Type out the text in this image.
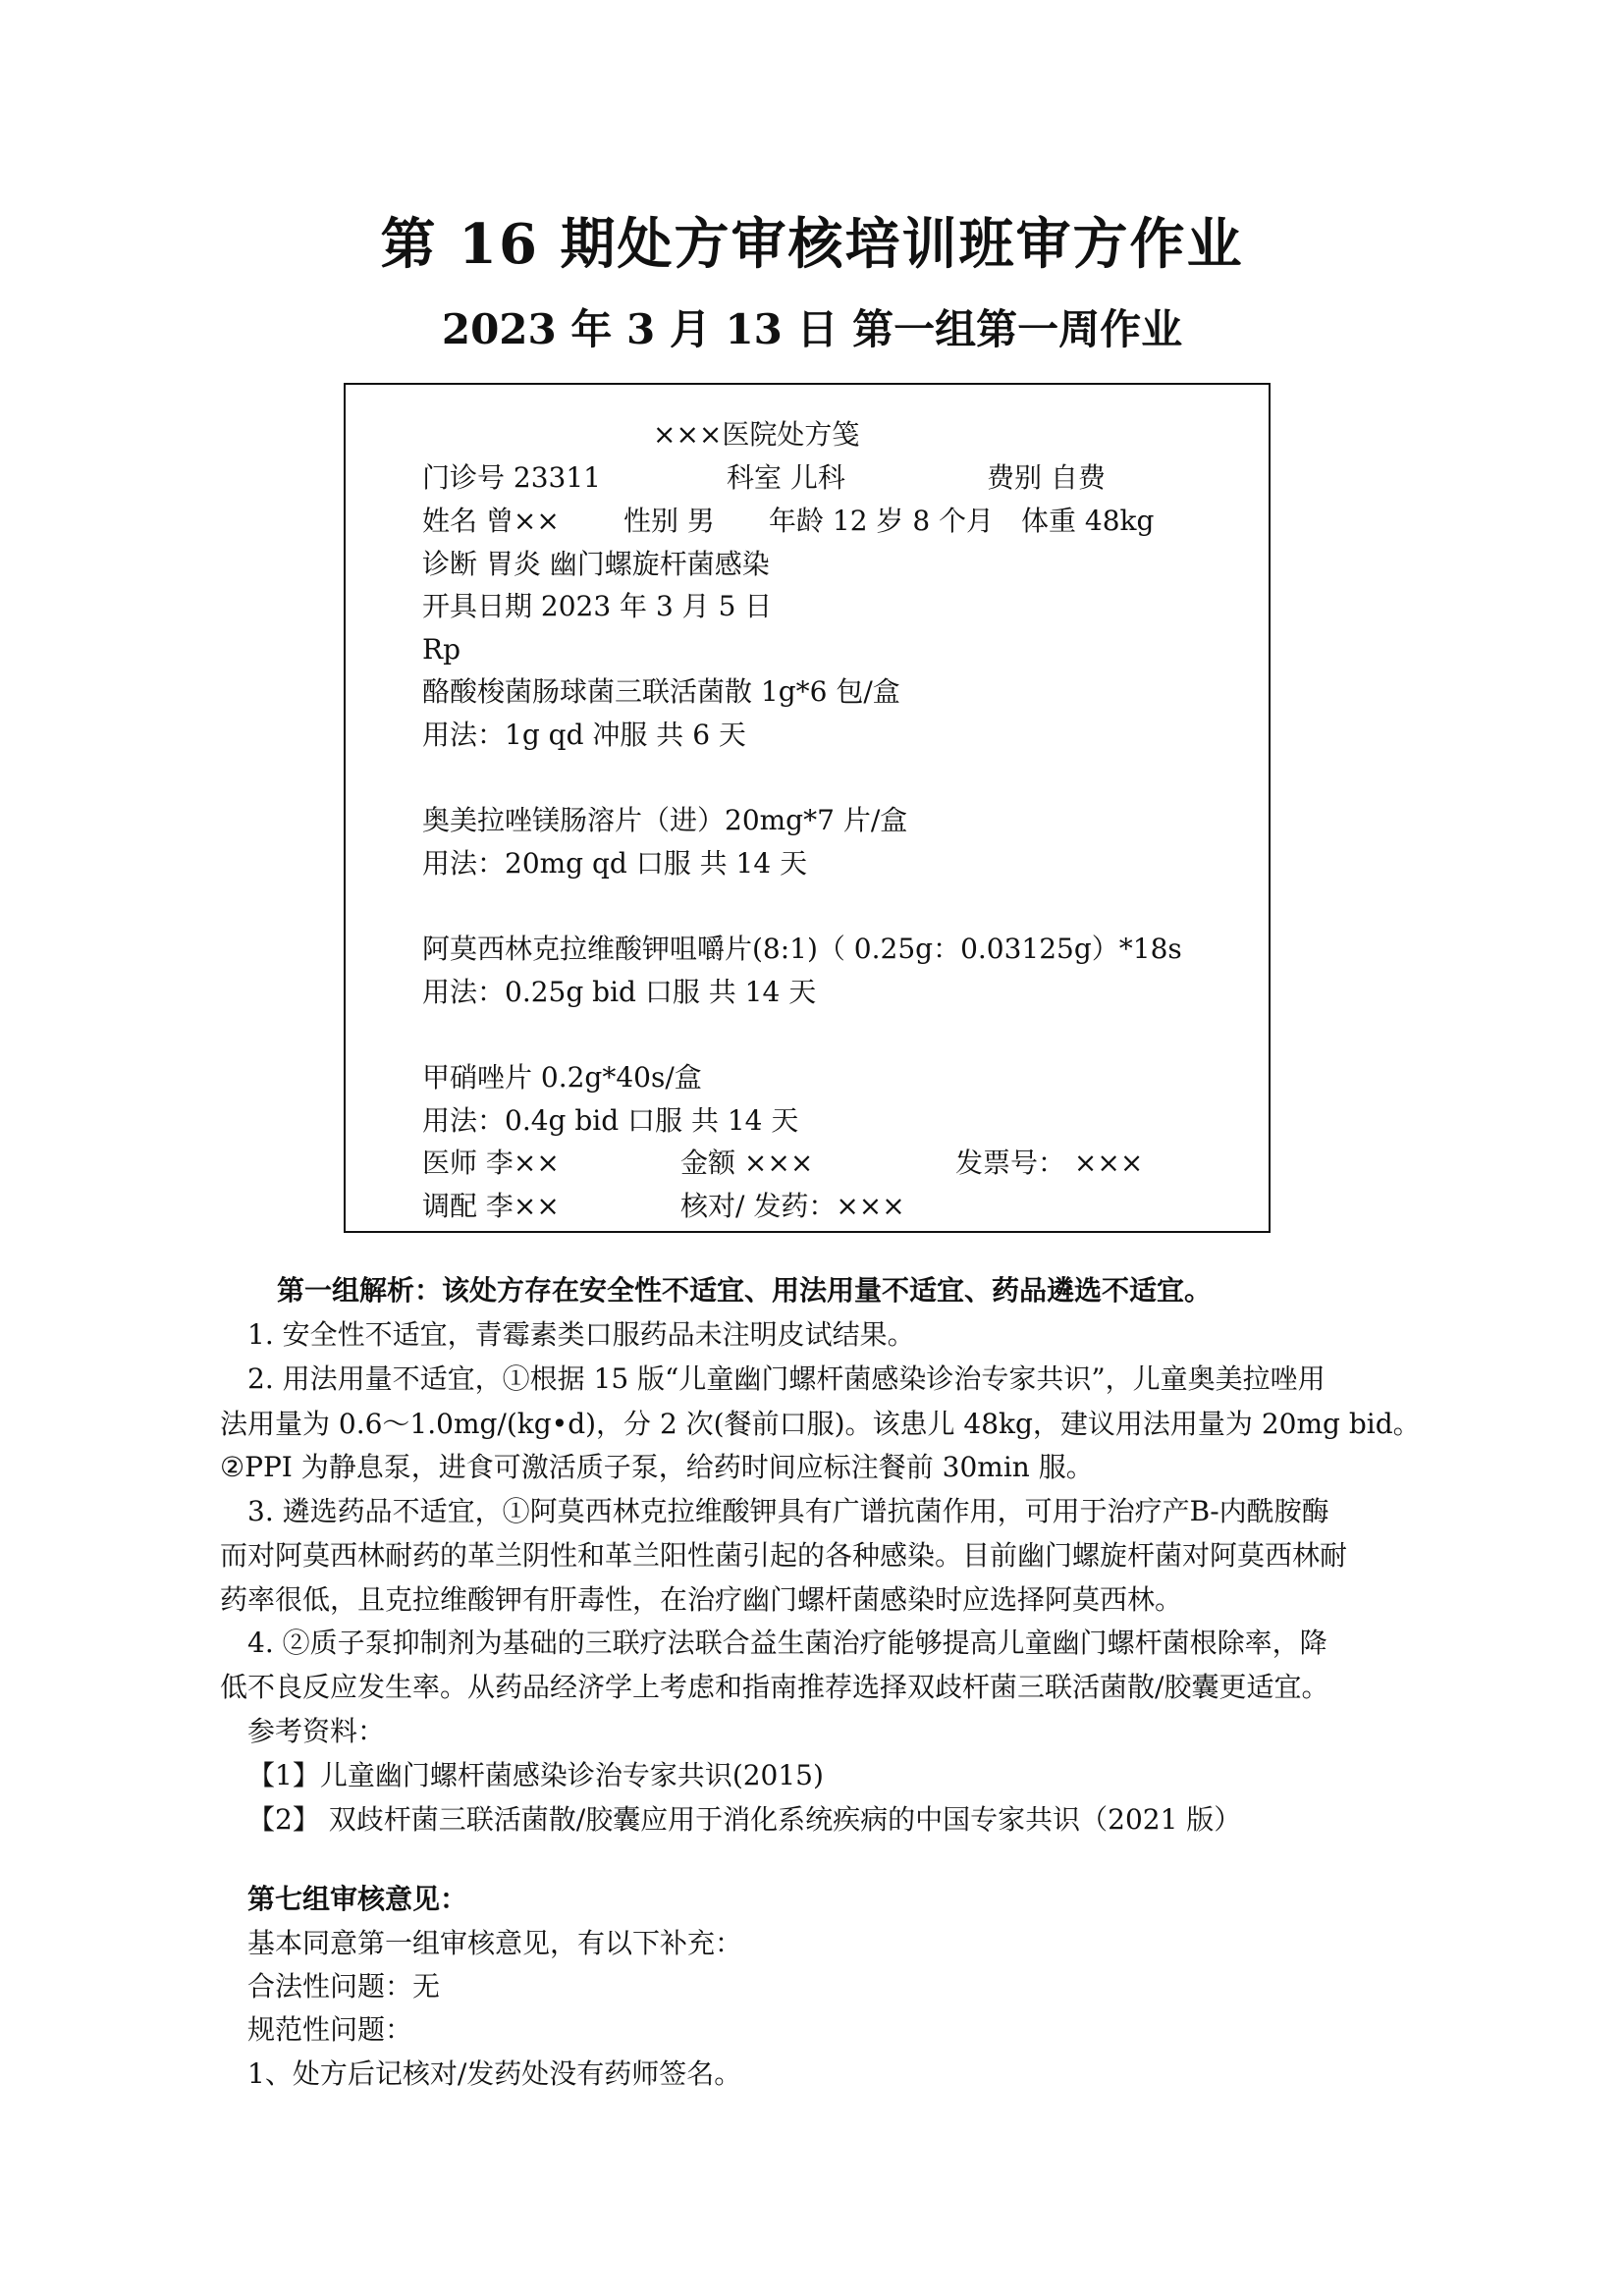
第 16 期处方审核培训班审方作业
2023 年 3 月 13 日 第一组第一周作业
×××医院处方笺
门诊号 23311	科室 儿科	费别 自费
姓名 曾×× 性别 男 年龄 12 岁 8 个月 体重 48kg
诊断 胃炎 幽门螺旋杆菌感染
开具日期 2023 年 3 月 5 日
Rp
酪酸梭菌肠球菌三联活菌散 1g*6 包/盒
用法：1g qd 冲服 共 6 天
奥美拉唑镁肠溶片（进）20mg*7 片/盒
用法：20mg qd 口服 共 14 天
阿莫西林克拉维酸钾咀嚼片(8:1)（ 0.25g：0.03125g）*18s
用法：0.25g bid 口服 共 14 天
甲硝唑片 0.2g*40s/盒
用法：0.4g bid 口服 共 14 天
医师 李××	金额 ×××	发票号： ×××
调配 李××	核对/ 发药：×××
第一组解析：该处方存在安全性不适宜、用法用量不适宜、药品遴选不适宜。
1. 安全性不适宜，青霉素类口服药品未注明皮试结果。
2. 用法用量不适宜，①根据 15 版“儿童幽门螺杆菌感染诊治专家共识”，儿童奥美拉唑用
法用量为 0.6～1.0mg/(kg•d)，分 2 次(餐前口服)。该患儿 48kg，建议用法用量为 20mg bid。
②PPI 为静息泵，进食可激活质子泵，给药时间应标注餐前 30min 服。
3. 遴选药品不适宜，①阿莫西林克拉维酸钾具有广谱抗菌作用，可用于治疗产Β-内酰胺酶
而对阿莫西林耐药的革兰阴性和革兰阳性菌引起的各种感染。目前幽门螺旋杆菌对阿莫西林耐
药率很低，且克拉维酸钾有肝毒性，在治疗幽门螺杆菌感染时应选择阿莫西林。
4. ②质子泵抑制剂为基础的三联疗法联合益生菌治疗能够提高儿童幽门螺杆菌根除率，降
低不良反应发生率。从药品经济学上考虑和指南推荐选择双歧杆菌三联活菌散/胶囊更适宜。
参考资料：
【1】儿童幽门螺杆菌感染诊治专家共识(2015)
【2】 双歧杆菌三联活菌散/胶囊应用于消化系统疾病的中国专家共识（2021 版）
第七组审核意见：
基本同意第一组审核意见，有以下补充：
合法性问题：无
规范性问题：
1、处方后记核对/发药处没有药师签名。
